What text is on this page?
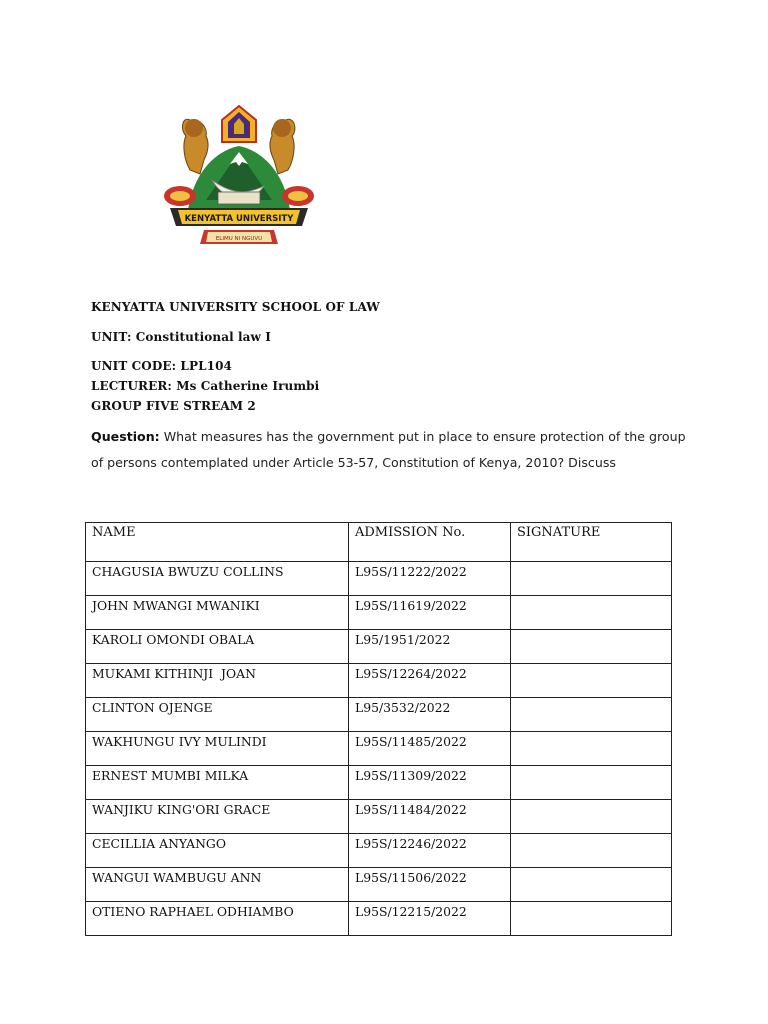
KENYATTA UNIVERSITY
ELIMU NI NGUVU
KENYATTA UNIVERSITY SCHOOL OF LAW
UNIT: Constitutional law I
UNIT CODE: LPL104
LECTURER: Ms Catherine Irumbi
GROUP FIVE STREAM 2
Question: What measures has the government put in place to ensure protection of the group of persons contemplated under Article 53-57, Constitution of Kenya, 2010? Discuss
NAME	ADMISSION No.	SIGNATURE
CHAGUSIA BWUZU COLLINS	L95S/11222/2022	
JOHN MWANGI MWANIKI	L95S/11619/2022	
KAROLI OMONDI OBALA	L95/1951/2022	
MUKAMI KITHINJI  JOAN	L95S/12264/2022	
CLINTON OJENGE	L95/3532/2022	
WAKHUNGU IVY MULINDI	L95S/11485/2022	
ERNEST MUMBI MILKA	L95S/11309/2022	
WANJIKU KING'ORI GRACE	L95S/11484/2022	
CECILLIA ANYANGO	L95S/12246/2022	
WANGUI WAMBUGU ANN	L95S/11506/2022	
OTIENO RAPHAEL ODHIAMBO	L95S/12215/2022	
